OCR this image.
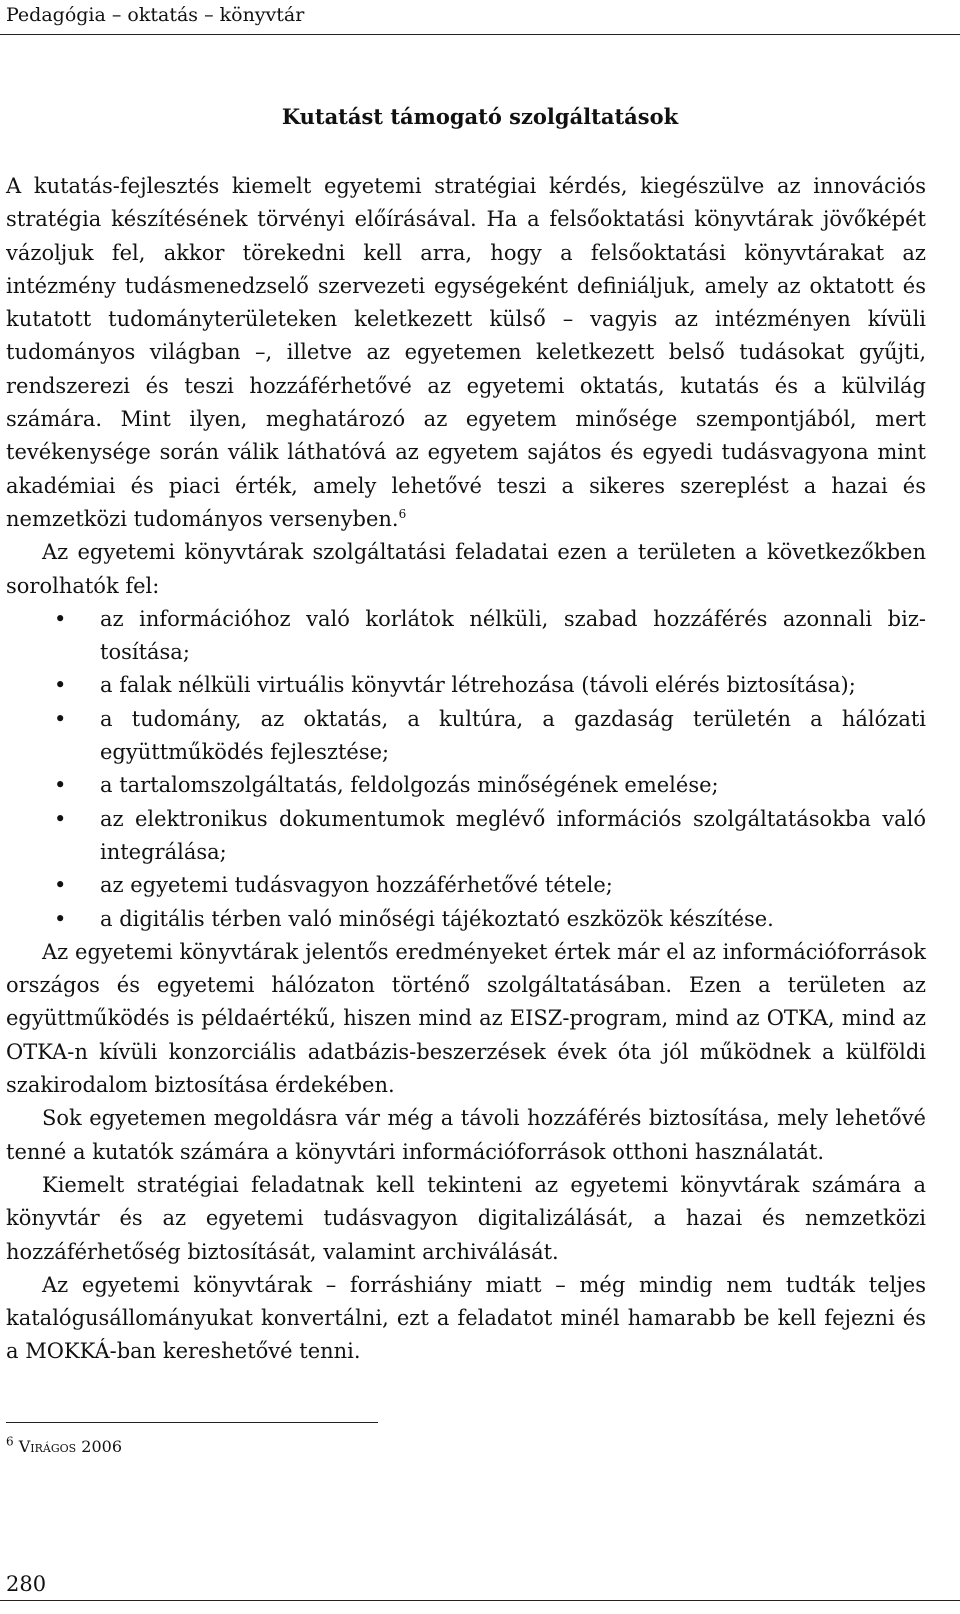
Pedagógia – oktatás – könyvtár
Kutatást támogató szolgáltatások

A kutatás-fejlesztés kiemelt egyetemi stratégiai kérdés, kiegészülve az innovációs stratégia készítésének törvényi előírásával. Ha a felsőoktatási könyvtárak jövőképét vázoljuk fel, akkor törekedni kell arra, hogy a felsőoktatási könyvtárakat az intézmény tudásmenedzselő szervezeti egységeként definiáljuk, amely az oktatott és kutatott tudományterületeken keletkezett külső – vagyis az intézményen kívüli tudományos világban –, illetve az egyetemen keletkezett belső tudásokat gyűjti, rendszerezi és teszi hozzáférhetővé az egyetemi oktatás, kutatás és a külvilág számára. Mint ilyen, meghatározó az egyetem minősége szempontjából, mert tevékenysége során válik láthatóvá az egyetem sajátos és egyedi tudásvagyona mint akadémiai és piaci érték, amely lehetővé teszi a sikeres szereplést a hazai és nemzetközi tudományos versenyben.$^6$

Az egyetemi könyvtárak szolgáltatási feladatai ezen a területen a következőkben sorolhatók fel:

• az információhoz való korlátok nélküli, szabad hozzáférés azonnali biztosítása;
• a falak nélküli virtuális könyvtár létrehozása (távoli elérés biztosítása);
• a tudomány, az oktatás, a kultúra, a gazdaság területén a hálózati együttműködés fejlesztése;
• a tartalomszolgáltatás, feldolgozás minőségének emelése;
• az elektronikus dokumentumok meglévő információs szolgáltatásokba való integrálása;
• az egyetemi tudásvagyon hozzáférhetővé tétele;
• a digitális térben való minőségi tájékoztató eszközök készítése.

Az egyetemi könyvtárak jelentős eredményeket értek már el az információforrások országos és egyetemi hálózaton történő szolgáltatásában. Ezen a területen az együttműködés is példaértékű, hiszen mind az EISZ-program, mind az OTKA, mind az OTKA-n kívüli konzorciális adatbázis-beszerzések évek óta jól működnek a külföldi szakirodalom biztosítása érdekében.

Sok egyetemen megoldásra vár még a távoli hozzáférés biztosítása, mely lehetővé tenné a kutatók számára a könyvtári információforrások otthoni használatát.

Kiemelt stratégiai feladatnak kell tekinteni az egyetemi könyvtárak számára a könyvtár és az egyetemi tudásvagyon digitalizálását, a hazai és nemzetközi hozzáférhetőség biztosítását, valamint archiválását.

Az egyetemi könyvtárak – forráshiány miatt – még mindig nem tudták teljes katalógusállományukat konvertálni, ezt a feladatot minél hamarabb be kell fejezni és a MOKKÁ-ban kereshetővé tenni.

$^6$ Virágos 2006
280
